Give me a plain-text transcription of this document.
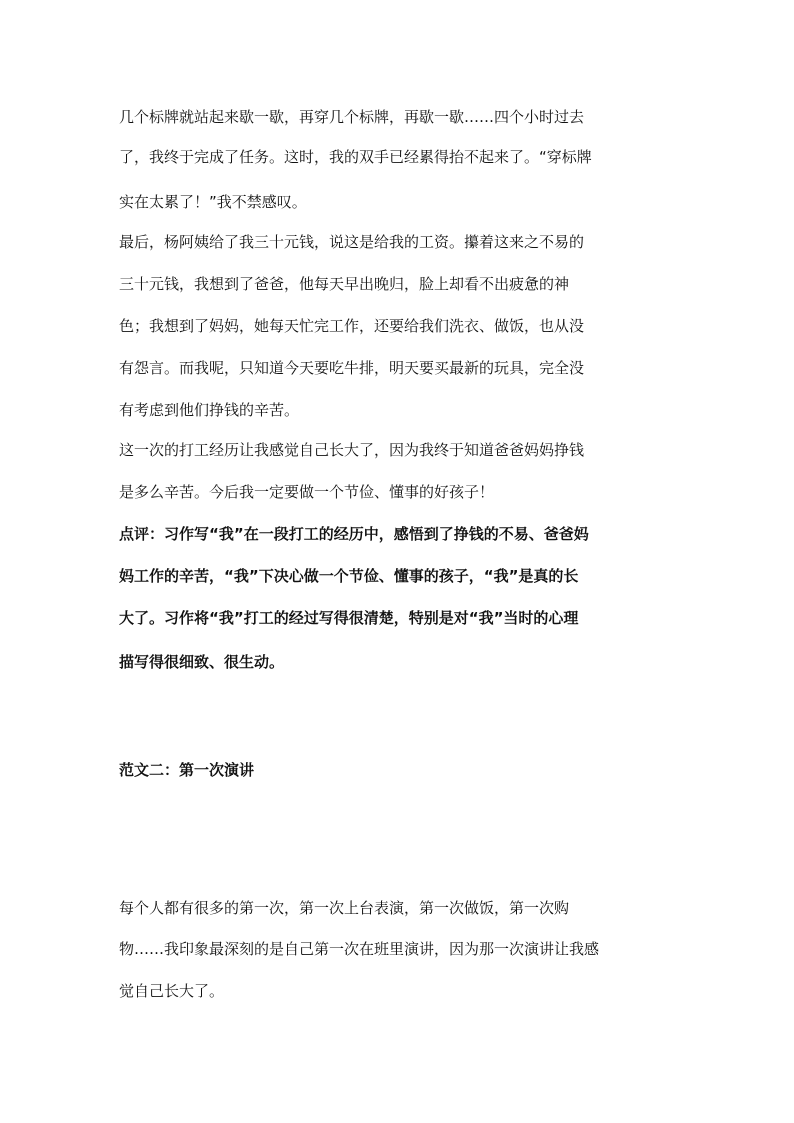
几个标牌就站起来歇一歇，再穿几个标牌，再歇一歇……四个小时过去
了，我终于完成了任务。这时，我的双手已经累得抬不起来了。“穿标牌
实在太累了！”我不禁感叹。
最后，杨阿姨给了我三十元钱，说这是给我的工资。攥着这来之不易的
三十元钱，我想到了爸爸，他每天早出晚归，脸上却看不出疲惫的神
色；我想到了妈妈，她每天忙完工作，还要给我们洗衣、做饭，也从没
有怨言。而我呢，只知道今天要吃牛排，明天要买最新的玩具，完全没
有考虑到他们挣钱的辛苦。
这一次的打工经历让我感觉自己长大了，因为我终于知道爸爸妈妈挣钱
是多么辛苦。今后我一定要做一个节俭、懂事的好孩子！
点评：习作写“我”在一段打工的经历中，感悟到了挣钱的不易、爸爸妈
妈工作的辛苦，“我”下决心做一个节俭、懂事的孩子，“我”是真的长
大了。习作将“我”打工的经过写得很清楚，特别是对“我”当时的心理
描写得很细致、很生动。
范文二：第一次演讲
每个人都有很多的第一次，第一次上台表演，第一次做饭，第一次购
物……我印象最深刻的是自己第一次在班里演讲，因为那一次演讲让我感
觉自己长大了。
